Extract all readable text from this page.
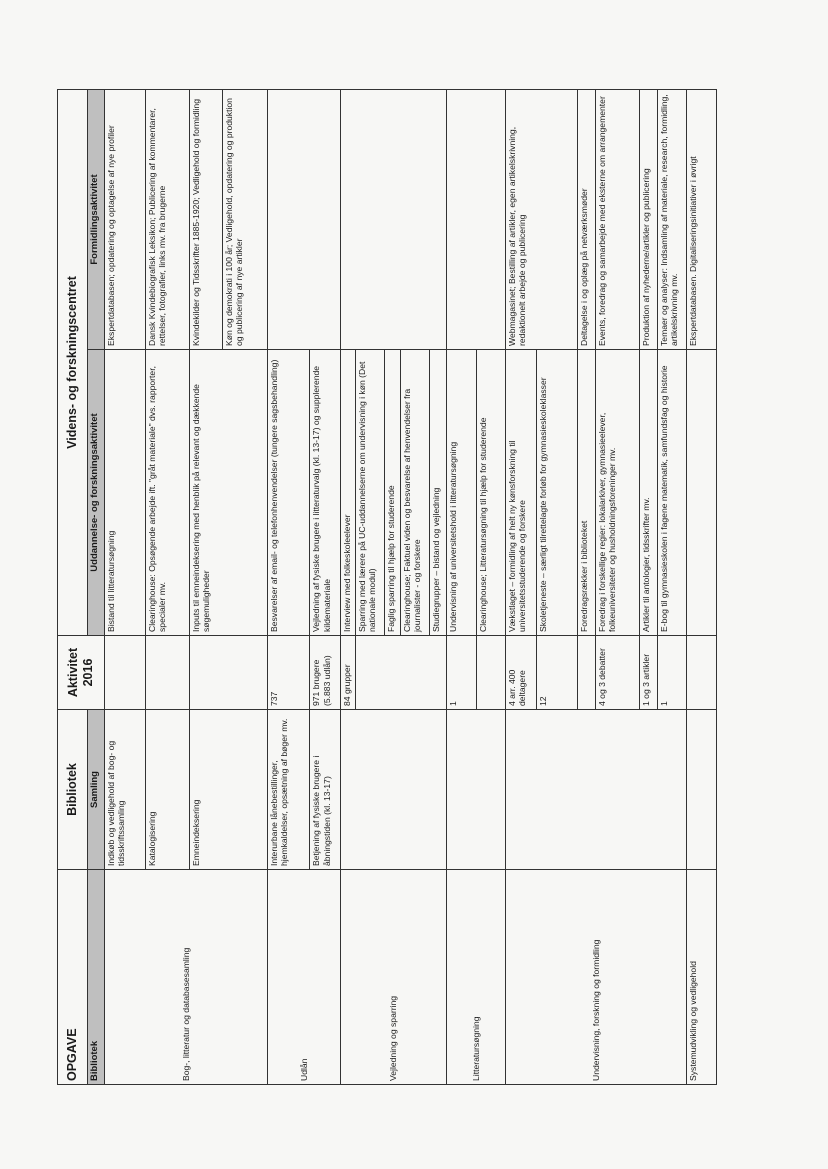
OPGAVE	Bibliotek	Aktivitet 2016	Videns- og forskningscentret	
Bibliotek	Samling		Uddannelse- og forskningsaktivitet	Formidlingsaktivitet
Bog-, litteratur og databasesamling	Indkøb og vedligehold af bog- og tidsskriftssamling		Bistand til litteratursøgning	Ekspertdatabasen; opdatering og optagelse af nye profiler
	Katalogisering		Clearinghouse: Opsøgende arbejde ift. "gråt materiale" dvs. rapporter, specialer mv.	Dansk Kvindebiografisk Leksikon; Publicering af kommentarer, rettelser, fotografier, links mv. fra brugerne
	Emneindeksering		Inputs til emneindeksering med henblik på relevant og dækkende søgemuligheder	Kvindekilder og Tidsskrifter 1885-1920; Vedligehold og formidling
				Køn og demokrati i 100 år; Vedligehold, opdatering og produktion og publicering af nye artikler
Udlån	Interurbane lånebestillinger, hjemkaldelser, opsætning af bøger mv.	737	Besvarelser af email- og telefonhenvendelser (tungere sagsbehandling)	
	Betjening af fysiske brugere i åbningstiden (kl. 13-17)	971 brugere (5.883 udlån)	Vejledning af fysiske brugere i litteraturvalg (kl. 13-17) og supplerende kildemateriale	
Vejledning og sparring		84 grupper	Interview med folkeskoleelever	
			Sparring med lærere på UC-uddannelserne om undervisning i køn (Det nationale modul)	
			Faglig sparring til hjælp for studerende	
			Clearinghouse; Faktuel viden og besvarelse af henvendelser fra journalister - og forskere	
			Studiegrupper – bistand og vejledning	
Litteratursøgning		1	Undervisning af universitetshold i litteratursøgning	
			Clearinghouse; Litteratursøgning til hjælp for studerende	
Undervisning, forskning og formidling		4 arr. 400 deltagere	Vækstlaget – formidling af helt ny kønsforskning til universitetsstuderende og forskere	Webmagasinet; Bestilling af artikler, egen artikelskrivning, redaktionelt arbejde og publicering
		12	Skoletjeneste – særligt tilrettelagte forløb for gymnasieskoleklasser	
			Foredragsrækker i biblioteket	Deltagelse i og oplæg på netværksmøder
		4 og 3 debatter	Foredrag i forskellige regier: lokalarkiver, gymnasieelever, folkeuniversiteter og husholdningsforeninger mv.	Events, foredrag og samarbejde med eksterne om arrangementer
		1 og 3 artikler	Artikler til antologier, tidsskrifter mv.	Produktion af nyhederne/artikler og publicering
		1	E-bog til gymnasieskolen i fagene matematik, samfundsfag og historie	Temaer og analyser: Indsamling af materiale, research, formidling, artikelskrivning mv.
Systemudvikling og vedligehold				Ekspertdatabasen. Digitaliseringsinitiativer i øvrigt
